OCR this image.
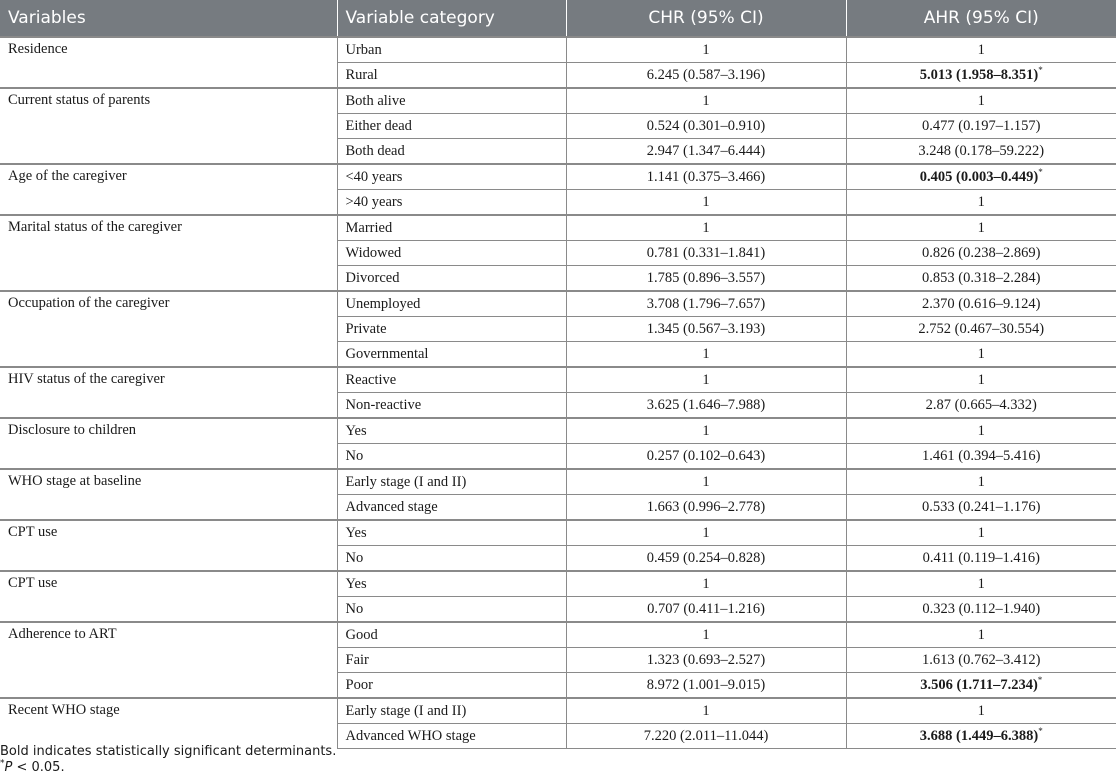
Variables	Variable category	CHR (95% CI)	AHR (95% CI)
Residence	Urban	1	1
	Rural	6.245 (0.587–3.196)	5.013 (1.958–8.351)*
Current status of parents	Both alive	1	1
	Either dead	0.524 (0.301–0.910)	0.477 (0.197–1.157)
	Both dead	2.947 (1.347–6.444)	3.248 (0.178–59.222)
Age of the caregiver	<40 years	1.141 (0.375–3.466)	0.405 (0.003–0.449)*
	>40 years	1	1
Marital status of the caregiver	Married	1	1
	Widowed	0.781 (0.331–1.841)	0.826 (0.238–2.869)
	Divorced	1.785 (0.896–3.557)	0.853 (0.318–2.284)
Occupation of the caregiver	Unemployed	3.708 (1.796–7.657)	2.370 (0.616–9.124)
	Private	1.345 (0.567–3.193)	2.752 (0.467–30.554)
	Governmental	1	1
HIV status of the caregiver	Reactive	1	1
	Non-reactive	3.625 (1.646–7.988)	2.87 (0.665–4.332)
Disclosure to children	Yes	1	1
	No	0.257 (0.102–0.643)	1.461 (0.394–5.416)
WHO stage at baseline	Early stage (I and II)	1	1
	Advanced stage	1.663 (0.996–2.778)	0.533 (0.241–1.176)
CPT use	Yes	1	1
	No	0.459 (0.254–0.828)	0.411 (0.119–1.416)
CPT use	Yes	1	1
	No	0.707 (0.411–1.216)	0.323 (0.112–1.940)
Adherence to ART	Good	1	1
	Fair	1.323 (0.693–2.527)	1.613 (0.762–3.412)
	Poor	8.972 (1.001–9.015)	3.506 (1.711–7.234)*
Recent WHO stage	Early stage (I and II)	1	1
	Advanced WHO stage	7.220 (2.011–11.044)	3.688 (1.449–6.388)*
Bold indicates statistically significant determinants.
*P < 0.05.
